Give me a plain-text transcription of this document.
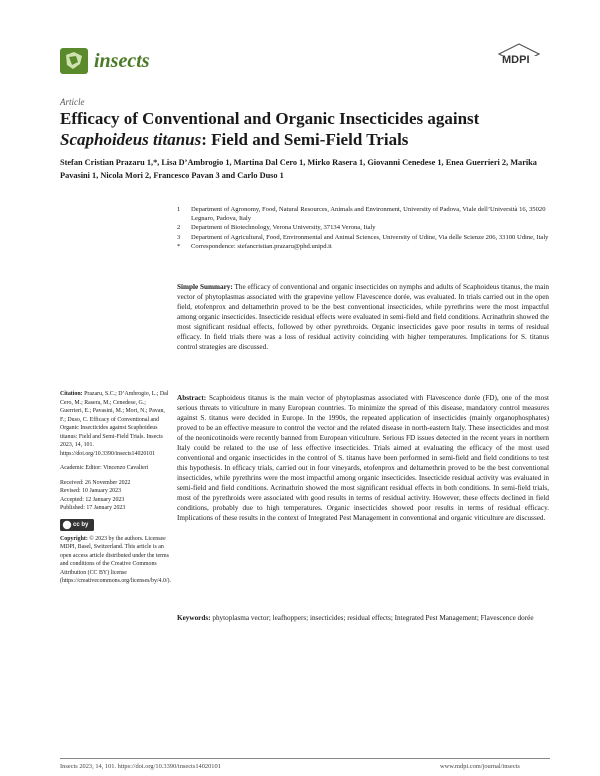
insects	MDPI
Article
Efficacy of Conventional and Organic Insecticides against Scaphoideus titanus: Field and Semi-Field Trials
Stefan Cristian Prazaru 1,*, Lisa D’Ambrogio 1, Martina Dal Cero 1, Mirko Rasera 1, Giovanni Cenedese 1, Enea Guerrieri 2, Marika Pavasini 1, Nicola Mori 2, Francesco Pavan 3 and Carlo Duso 1
1 Department of Agronomy, Food, Natural Resources, Animals and Environment, University of Padova, Viale dell’Università 16, 35020 Legnaro, Padova, Italy
2 Department of Biotechnology, Verona University, 37134 Verona, Italy
3 Department of Agricultural, Food, Environmental and Animal Sciences, University of Udine, Via delle Scienze 206, 33100 Udine, Italy
* Correspondence: stefancristian.prazaru@phd.unipd.it
Simple Summary: The efficacy of conventional and organic insecticides on nymphs and adults of Scaphoideus titanus, the main vector of phytoplasmas associated with the grapevine yellow Flavescence dorée, was evaluated. In trials carried out in the open field, etofenprox and deltamethrin proved to be the best conventional insecticides, while pyrethrins were the most impactful among organic insecticides. Insecticide residual effects were evaluated in semi-field and field conditions. Acrinathrin showed the most significant residual effects, followed by other pyrethroids. Organic insecticides gave poor results in terms of residual efficacy. In field trials there was a loss of residual activity coinciding with higher temperatures. Implications for S. titanus control strategies are discussed.
Citation: Prazaru, S.C.; D’Ambrogio, L.; Dal Cero, M.; Rasera, M.; Cenedese, G.; Guerrieri, E.; Pavasini, M.; Mori, N.; Pavan, F.; Duso, C. Efficacy of Conventional and Organic Insecticides against Scaphoideus titanus: Field and Semi-Field Trials. Insects 2023, 14, 101. https://doi.org/10.3390/insects14020101
Academic Editor: Vincenzo Cavalieri
Received: 26 November 2022
Revised: 10 January 2023
Accepted: 12 January 2023
Published: 17 January 2023
cc by
Copyright: © 2023 by the authors. Licensee MDPI, Basel, Switzerland. This article is an open access article distributed under the terms and conditions of the Creative Commons Attribution (CC BY) license (https://creativecommons.org/licenses/by/4.0/).
Abstract: Scaphoideus titanus is the main vector of phytoplasmas associated with Flavescence dorée (FD), one of the most serious threats to viticulture in many European countries. To minimize the spread of this disease, mandatory control measures against S. titanus were decided in Europe. In the 1990s, the repeated application of insecticides (mainly organophosphates) proved to be an effective measure to control the vector and the related disease in north-eastern Italy. These insecticides and most of the neonicotinoids were recently banned from European viticulture. Serious FD issues detected in the recent years in northern Italy could be related to the use of less effective insecticides. Trials aimed at evaluating the efficacy of the most used conventional and organic insecticides in the control of S. titanus have been performed in semi-field and field conditions to test this hypothesis. In efficacy trials, carried out in four vineyards, etofenprox and deltamethrin proved to be the best conventional insecticides, while pyrethrins were the most impactful among organic insecticides. Insecticide residual activity was evaluated in semi-field and field conditions. Acrinathrin showed the most significant residual effects in both conditions. In semi-field trials, most of the pyrethroids were associated with good results in terms of residual activity. However, these effects declined in field conditions, probably due to high temperatures. Organic insecticides showed poor results in terms of residual efficacy. Implications of these results in the context of Integrated Pest Management in conventional and organic viticulture are discussed.
Keywords: phytoplasma vector; leafhoppers; insecticides; residual effects; Integrated Pest Management; Flavescence dorée
Insects 2023, 14, 101. https://doi.org/10.3390/insects14020101	www.mdpi.com/journal/insects
